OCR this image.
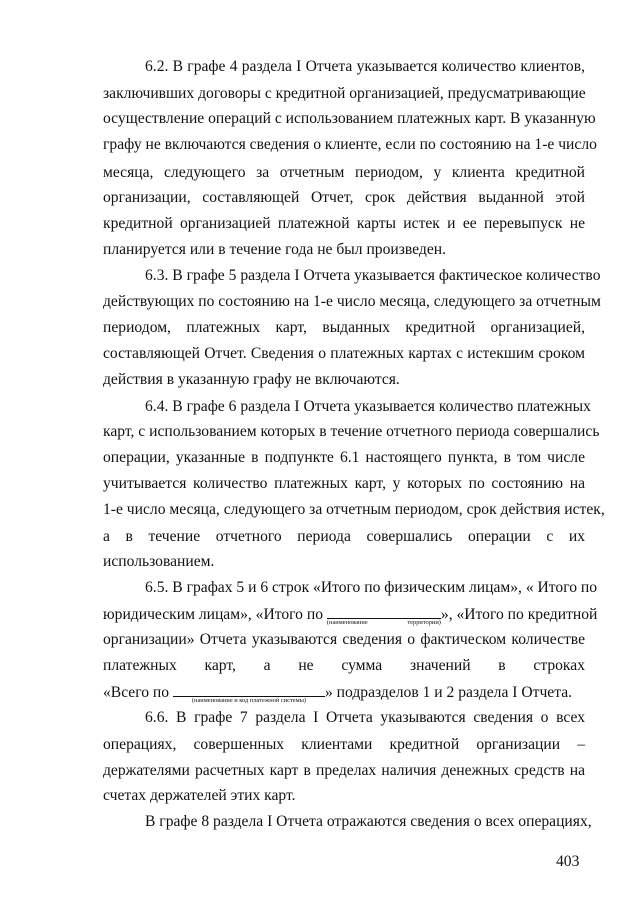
6.2. В графе 4 раздела I Отчета указывается количество клиентов,
заключивших договоры с кредитной организацией, предусматривающие
осуществление операций с использованием платежных карт. В указанную
графу не включаются сведения о клиенте, если по состоянию на 1-е число
месяца, следующего за отчетным периодом, у клиента кредитной
организации, составляющей Отчет, срок действия выданной этой
кредитной организацией платежной карты истек и ее перевыпуск не
планируется или в течение года не был произведен.
6.3. В графе 5 раздела I Отчета указывается фактическое количество
действующих по состоянию на 1-е число месяца, следующего за отчетным
периодом, платежных карт, выданных кредитной организацией,
составляющей Отчет. Сведения о платежных картах с истекшим сроком
действия в указанную графу не включаются.
6.4. В графе 6 раздела I Отчета указывается количество платежных
карт, с использованием которых в течение отчетного периода совершались
операции, указанные в подпункте 6.1 настоящего пункта, в том числе
учитывается количество платежных карт, у которых по состоянию на
1-е число месяца, следующего за отчетным периодом, срок действия истек,
а в течение отчетного периода совершались операции с их
использованием.
6.5. В графах 5 и 6 строк «Итого по физическим лицам», « Итого по
юридическим лицам», «Итого по (наименование территории) », «Итого по кредитной
организации» Отчета указываются сведения о фактическом количестве
платежных карт, а не сумма значений в строках
«Всего по	(наименование и код платежной системы)	» подразделов 1 и 2 раздела I Отчета.
6.6. В графе 7 раздела I Отчета указываются сведения о всех
операциях, совершенных клиентами кредитной организации –
держателями расчетных карт в пределах наличия денежных средств на
счетах держателей этих карт.
В графе 8 раздела I Отчета отражаются сведения о всех операциях,
403
